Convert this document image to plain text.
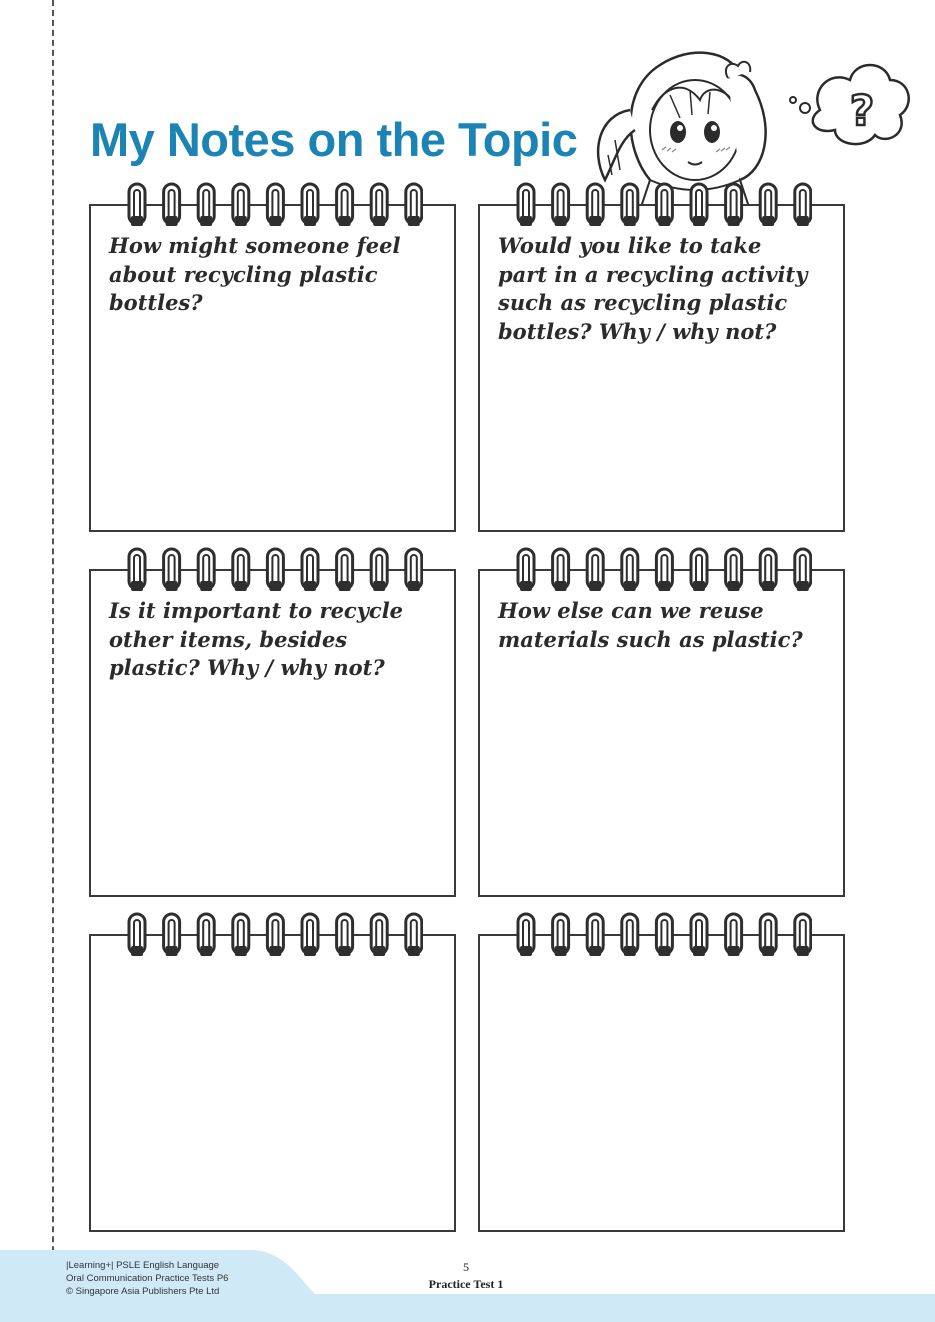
?
My Notes on the Topic
How might someone feel
about recycling plastic
bottles?
Would you like to take
part in a recycling activity
such as recycling plastic
bottles? Why / why not?
Is it important to recycle
other items, besides
plastic? Why / why not?
How else can we reuse
materials such as plastic?
|Learning+| PSLE English Language
Oral Communication Practice Tests P6
© Singapore Asia Publishers Pte Ltd
5
Practice Test 1
